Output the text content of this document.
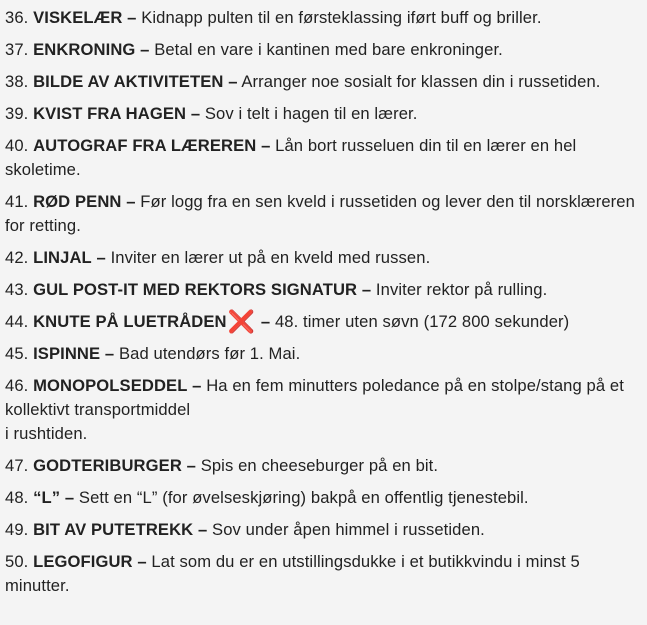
36. VISKELÆR – Kidnapp pulten til en førsteklassing iført buff og briller.
37. ENKRONING – Betal en vare i kantinen med bare enkroninger.
38. BILDE AV AKTIVITETEN – Arranger noe sosialt for klassen din i russetiden.
39. KVIST FRA HAGEN – Sov i telt i hagen til en lærer.
40. AUTOGRAF FRA LÆREREN – Lån bort russeluen din til en lærer en hel skoletime.
41. RØD PENN – Før logg fra en sen kveld i russetiden og lever den til norsklæreren for retting.
42. LINJAL – Inviter en lærer ut på en kveld med russen.
43. GUL POST-IT MED REKTORS SIGNATUR – Inviter rektor på rulling.
44. KNUTE PÅ LUETRÅDEN❌ – 48. timer uten søvn (172 800 sekunder)
45. ISPINNE – Bad utendørs før 1. Mai.
46. MONOPOLSEDDEL – Ha en fem minutters poledance på en stolpe/stang på et kollektivt transportmiddel
i rushtiden.
47. GODTERIBURGER – Spis en cheeseburger på en bit.
48. “L” – Sett en “L” (for øvelseskjøring) bakpå en offentlig tjenestebil.
49. BIT AV PUTETREKK – Sov under åpen himmel i russetiden.
50. LEGOFIGUR – Lat som du er en utstillingsdukke i et butikkvindu i minst 5 minutter.
